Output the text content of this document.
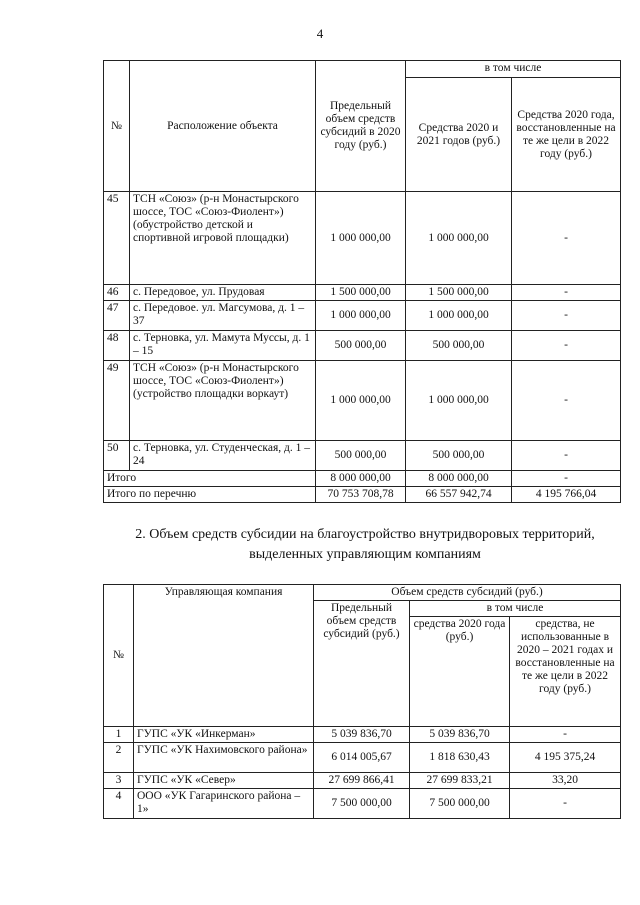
4
№	Расположение объекта	Предельный объем средств субсидий в 2020 году (руб.)	в том числе	
			Средства 2020 и 2021 годов (руб.)	Средства 2020 года, восстановленные на те же цели в 2022 году (руб.)
45	ТСН «Союз» (р-н Монастырского шоссе, ТОС «Союз-Фиолент») (обустройство детской и спортивной игровой площадки)	1 000 000,00	1 000 000,00	-
46	с. Передовое, ул. Прудовая	1 500 000,00	1 500 000,00	-
47	с. Передовое. ул. Магсумова, д. 1 – 37	1 000 000,00	1 000 000,00	-
48	с. Терновка, ул. Мамута Муссы, д. 1 – 15	500 000,00	500 000,00	-
49	ТСН «Союз» (р-н Монастырского шоссе, ТОС «Союз-Фиолент») (устройство площадки воркаут)	1 000 000,00	1 000 000,00	-
50	с. Терновка, ул. Студенческая, д. 1 – 24	500 000,00	500 000,00	-
Итого		8 000 000,00	8 000 000,00	-
Итого по перечню		70 753 708,78	66 557 942,74	4 195 766,04
2. Объем средств субсидии на благоустройство внутридворовых территорий, выделенных управляющим компаниям
№	Управляющая компания	Объем средств субсидий (руб.)		
		Предельный объем средств субсидий (руб.)	в том числе	
			средства 2020 года (руб.)	средства, не использованные в 2020 – 2021 годах и восстановленные на те же цели в 2022 году (руб.)
1	ГУПС «УК «Инкерман»	5 039 836,70	5 039 836,70	-
2	ГУПС «УК Нахимовского района»	6 014 005,67	1 818 630,43	4 195 375,24
3	ГУПС «УК «Север»	27 699 866,41	27 699 833,21	33,20
4	ООО «УК Гагаринского района – 1»	7 500 000,00	7 500 000,00	-
